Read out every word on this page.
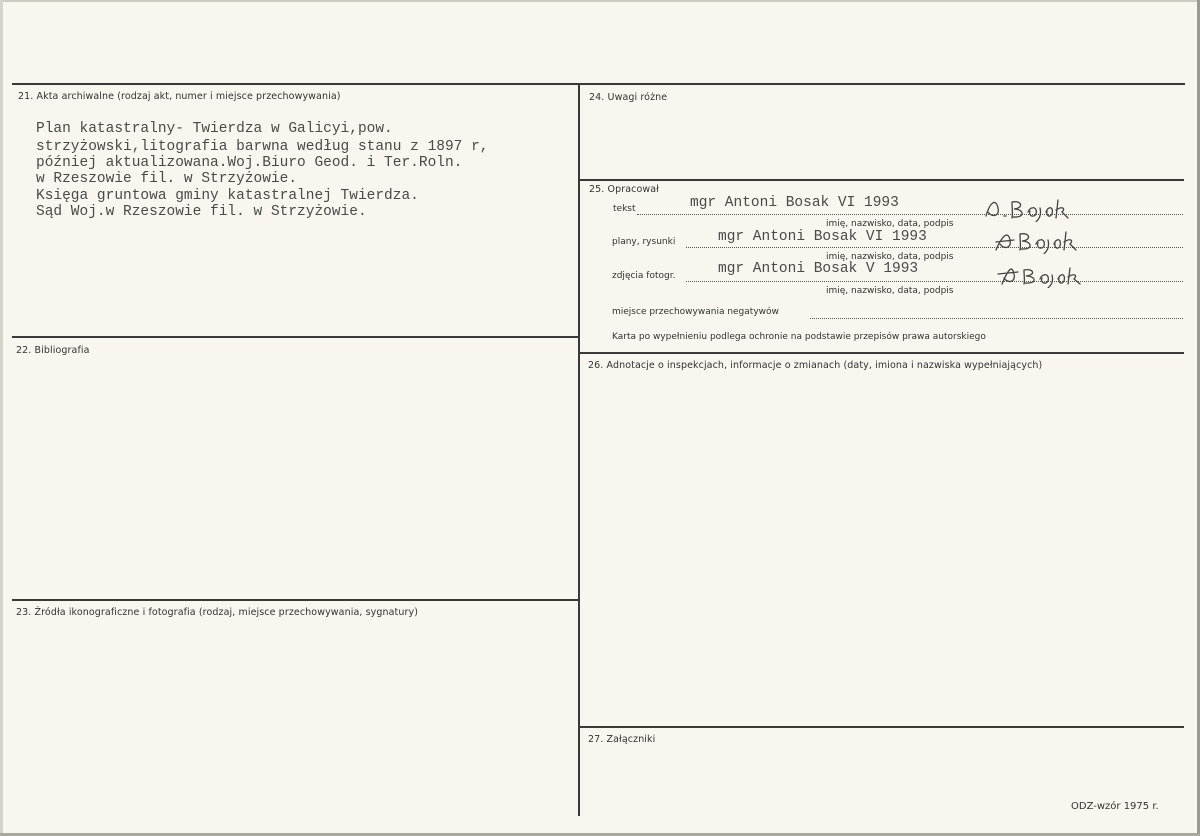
21. Akta archiwalne (rodzaj akt, numer i miejsce przechowywania)
Plan katastralny- Twierdza w Galicyi,pow.
strzyżowski,litografia barwna według stanu z 1897 r,
później aktualizowana.Woj.Biuro Geod. i Ter.Roln.
w Rzeszowie fil. w Strzyżowie.
Księga gruntowa gminy katastralnej Twierdza.
Sąd Woj.w Rzeszowie fil. w Strzyżowie.
22. Bibliografia
23. Źródła ikonograficzne i fotografia (rodzaj, miejsce przechowywania, sygnatury)
24. Uwagi różne
25. Opracował
tekst	mgr Antoni Bosak VI 1993
imię, nazwisko, data, podpis
plany, rysunki	mgr Antoni Bosak VI 1993
imię, nazwisko, data, podpis
zdjęcia fotogr.	mgr Antoni Bosak V 1993
imię, nazwisko, data, podpis
miejsce przechowywania negatywów
Karta po wypełnieniu podlega ochronie na podstawie przepisów prawa autorskiego
26. Adnotacje o inspekcjach, informacje o zmianach (daty, imiona i nazwiska wypełniających)
27. Załączniki
ODZ-wzór 1975 r.
